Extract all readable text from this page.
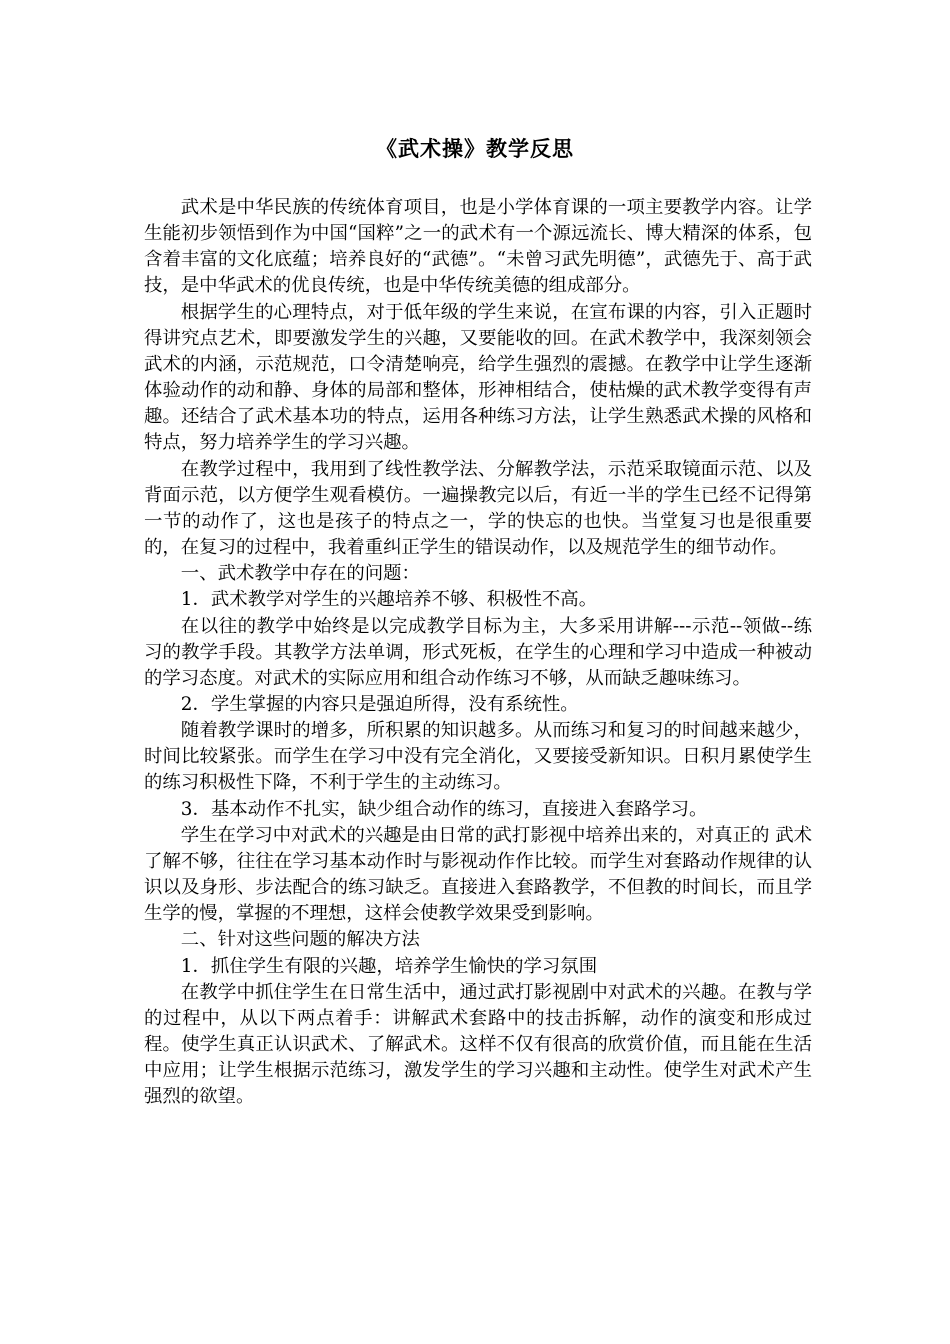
《武术操》教学反思

武术是中华民族的传统体育项目，也是小学体育课的一项主要教学内容。让学生能初步领悟到作为中国“国粹”之一的武术有一个源远流长、博大精深的体系，包含着丰富的文化底蕴；培养良好的“武德”。“未曾习武先明德”，武德先于、高于武技，是中华武术的优良传统，也是中华传统美德的组成部分。

根据学生的心理特点，对于低年级的学生来说，在宣布课的内容，引入正题时得讲究点艺术，即要激发学生的兴趣，又要能收的回。在武术教学中，我深刻领会武术的内涵，示范规范，口令清楚响亮，给学生强烈的震撼。在教学中让学生逐渐体验动作的动和静、身体的局部和整体，形神相结合，使枯燥的武术教学变得有声趣。还结合了武术基本功的特点，运用各种练习方法，让学生熟悉武术操的风格和特点，努力培养学生的学习兴趣。

在教学过程中，我用到了线性教学法、分解教学法，示范采取镜面示范、以及背面示范，以方便学生观看模仿。一遍操教完以后，有近一半的学生已经不记得第一节的动作了，这也是孩子的特点之一，学的快忘的也快。当堂复习也是很重要的，在复习的过程中，我着重纠正学生的错误动作，以及规范学生的细节动作。

一、武术教学中存在的问题：

1．武术教学对学生的兴趣培养不够、积极性不高。

在以往的教学中始终是以完成教学目标为主，大多采用讲解---示范--领做--练习的教学手段。其教学方法单调，形式死板，在学生的心理和学习中造成一种被动的学习态度。对武术的实际应用和组合动作练习不够，从而缺乏趣味练习。

2．学生掌握的内容只是强迫所得，没有系统性。

随着教学课时的增多，所积累的知识越多。从而练习和复习的时间越来越少，时间比较紧张。而学生在学习中没有完全消化，又要接受新知识。日积月累使学生的练习积极性下降，不利于学生的主动练习。

3．基本动作不扎实，缺少组合动作的练习，直接进入套路学习。

学生在学习中对武术的兴趣是由日常的武打影视中培养出来的，对真正的 武术了解不够，往往在学习基本动作时与影视动作作比较。而学生对套路动作规律的认识以及身形、步法配合的练习缺乏。直接进入套路教学，不但教的时间长，而且学生学的慢，掌握的不理想，这样会使教学效果受到影响。

二、针对这些问题的解决方法

1．抓住学生有限的兴趣，培养学生愉快的学习氛围

在教学中抓住学生在日常生活中，通过武打影视剧中对武术的兴趣。在教与学的过程中，从以下两点着手：讲解武术套路中的技击拆解，动作的演变和形成过程。使学生真正认识武术、了解武术。这样不仅有很高的欣赏价值，而且能在生活中应用；让学生根据示范练习，激发学生的学习兴趣和主动性。使学生对武术产生强烈的欲望。
